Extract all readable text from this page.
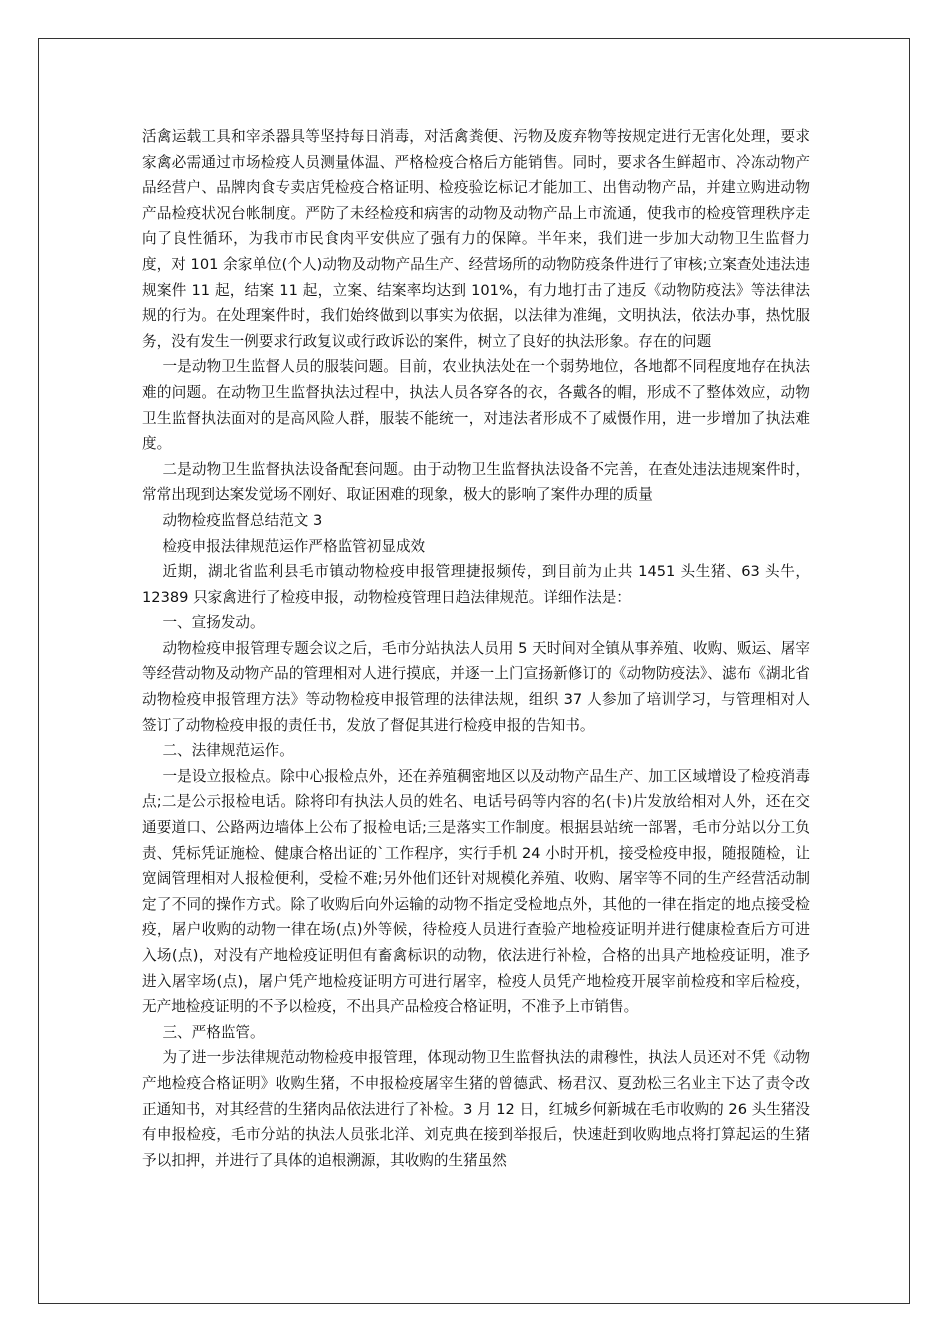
活禽运载工具和宰杀器具等坚持每日消毒，对活禽粪便、污物及废弃物等按规定进行无害化处理，要求家禽必需通过市场检疫人员测量体温、严格检疫合格后方能销售。同时，要求各生鲜超市、冷冻动物产品经营户、品牌肉食专卖店凭检疫合格证明、检疫验讫标记才能加工、出售动物产品，并建立购进动物产品检疫状况台帐制度。严防了未经检疫和病害的动物及动物产品上市流通，使我市的检疫管理秩序走向了良性循环，为我市市民食肉平安供应了强有力的保障。半年来，我们进一步加大动物卫生监督力度，对 101 余家单位(个人)动物及动物产品生产、经营场所的动物防疫条件进行了审核;立案查处违法违规案件 11 起，结案 11 起，立案、结案率均达到 101%，有力地打击了违反《动物防疫法》等法律法规的行为。在处理案件时，我们始终做到以事实为依据，以法律为准绳，文明执法，依法办事，热忱服务，没有发生一例要求行政复议或行政诉讼的案件，树立了良好的执法形象。存在的问题

一是动物卫生监督人员的服装问题。目前，农业执法处在一个弱势地位，各地都不同程度地存在执法难的问题。在动物卫生监督执法过程中，执法人员各穿各的衣，各戴各的帽，形成不了整体效应，动物卫生监督执法面对的是高风险人群，服装不能统一，对违法者形成不了威慑作用，进一步增加了执法难度。

二是动物卫生监督执法设备配套问题。由于动物卫生监督执法设备不完善，在查处违法违规案件时，常常出现到达案发觉场不刚好、取证困难的现象，极大的影响了案件办理的质量

动物检疫监督总结范文 3

检疫申报法律规范运作严格监管初显成效

近期，湖北省监利县毛市镇动物检疫申报管理捷报频传，到目前为止共 1451 头生猪、63 头牛，12389 只家禽进行了检疫申报，动物检疫管理日趋法律规范。详细作法是：

一、宣扬发动。

动物检疫申报管理专题会议之后，毛市分站执法人员用 5 天时间对全镇从事养殖、收购、贩运、屠宰等经营动物及动物产品的管理相对人进行摸底，并逐一上门宣扬新修订的《动物防疫法》、滤布《湖北省动物检疫申报管理方法》等动物检疫申报管理的法律法规，组织 37 人参加了培训学习，与管理相对人签订了动物检疫申报的责任书，发放了督促其进行检疫申报的告知书。

二、法律规范运作。

一是设立报检点。除中心报检点外，还在养殖稠密地区以及动物产品生产、加工区域增设了检疫消毒点;二是公示报检电话。除将印有执法人员的姓名、电话号码等内容的名(卡)片发放给相对人外，还在交通要道口、公路两边墙体上公布了报检电话;三是落实工作制度。根据县站统一部署，毛市分站以分工负责、凭标凭证施检、健康合格出证的`工作程序，实行手机 24 小时开机，接受检疫申报，随报随检，让宽阔管理相对人报检便利，受检不难;另外他们还针对规模化养殖、收购、屠宰等不同的生产经营活动制定了不同的操作方式。除了收购后向外运输的动物不指定受检地点外，其他的一律在指定的地点接受检疫，屠户收购的动物一律在场(点)外等候，待检疫人员进行查验产地检疫证明并进行健康检查后方可进入场(点)，对没有产地检疫证明但有畜禽标识的动物，依法进行补检，合格的出具产地检疫证明，准予进入屠宰场(点)，屠户凭产地检疫证明方可进行屠宰，检疫人员凭产地检疫开展宰前检疫和宰后检疫，无产地检疫证明的不予以检疫，不出具产品检疫合格证明，不准予上市销售。

三、严格监管。

为了进一步法律规范动物检疫申报管理，体现动物卫生监督执法的肃穆性，执法人员还对不凭《动物产地检疫合格证明》收购生猪，不申报检疫屠宰生猪的曾德武、杨君汉、夏劲松三名业主下达了责令改正通知书，对其经营的生猪肉品依法进行了补检。3 月 12 日，红城乡何新城在毛市收购的 26 头生猪没有申报检疫，毛市分站的执法人员张北洋、刘克典在接到举报后，快速赶到收购地点将打算起运的生猪予以扣押，并进行了具体的追根溯源，其收购的生猪虽然
